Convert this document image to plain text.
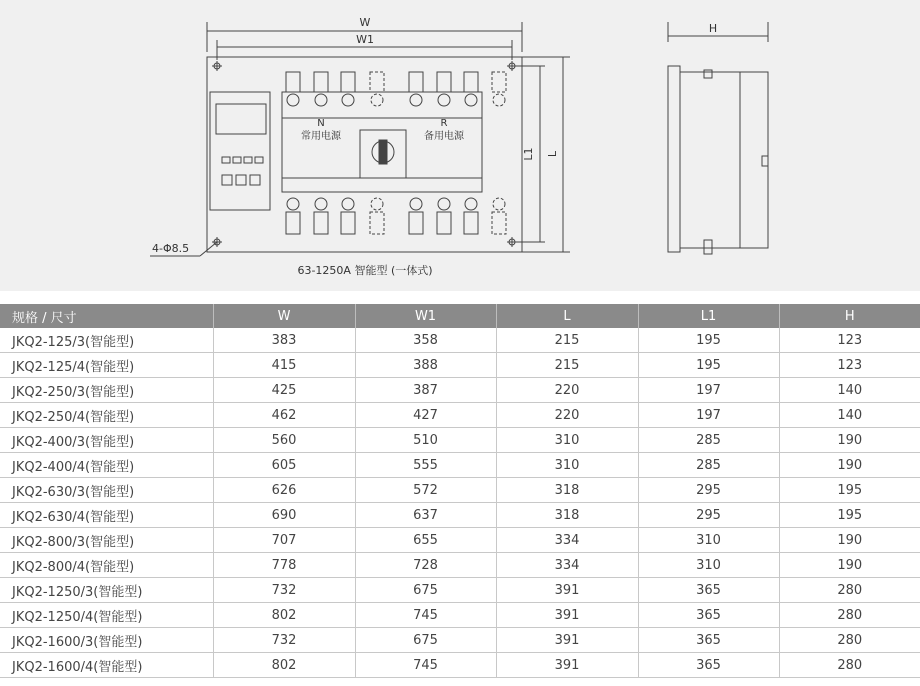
W
W1
H
L1 L
4-Φ8.5
63-1250A 智能型 (一体式)
N
常用电源
R
备用电源
规格 / 尺寸	W	W1	L	L1	H
JKQ2-125/3(智能型)	383	358	215	195	123
JKQ2-125/4(智能型)	415	388	215	195	123
JKQ2-250/3(智能型)	425	387	220	197	140
JKQ2-250/4(智能型)	462	427	220	197	140
JKQ2-400/3(智能型)	560	510	310	285	190
JKQ2-400/4(智能型)	605	555	310	285	190
JKQ2-630/3(智能型)	626	572	318	295	195
JKQ2-630/4(智能型)	690	637	318	295	195
JKQ2-800/3(智能型)	707	655	334	310	190
JKQ2-800/4(智能型)	778	728	334	310	190
JKQ2-1250/3(智能型)	732	675	391	365	280
JKQ2-1250/4(智能型)	802	745	391	365	280
JKQ2-1600/3(智能型)	732	675	391	365	280
JKQ2-1600/4(智能型)	802	745	391	365	280
